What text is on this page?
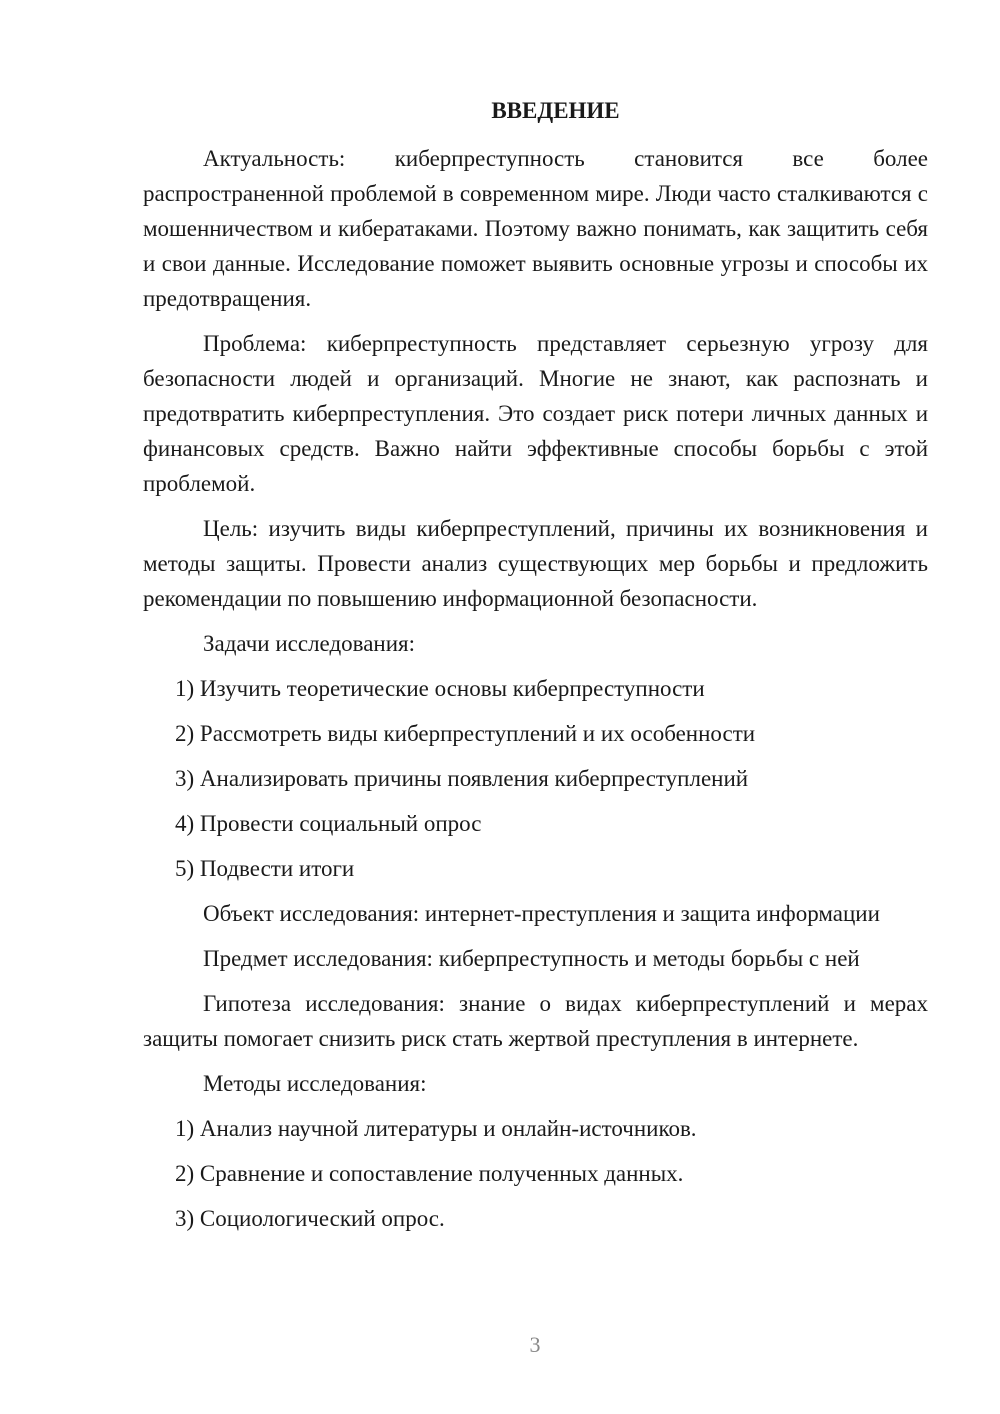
ВВЕДЕНИЕ

Актуальность: киберпреступность становится все более распространенной проблемой в современном мире. Люди часто сталкиваются с мошенничеством и кибератаками. Поэтому важно понимать, как защитить себя и свои данные. Исследование поможет выявить основные угрозы и способы их предотвращения.

Проблема: киберпреступность представляет серьезную угрозу для безопасности людей и организаций. Многие не знают, как распознать и предотвратить киберпреступления. Это создает риск потери личных данных и финансовых средств. Важно найти эффективные способы борьбы с этой проблемой.

Цель: изучить виды киберпреступлений, причины их возникновения и методы защиты. Провести анализ существующих мер борьбы и предложить рекомендации по повышению информационной безопасности.

Задачи исследования:

1) Изучить теоретические основы киберпреступности

2) Рассмотреть виды киберпреступлений и их особенности

3) Анализировать причины появления киберпреступлений

4) Провести социальный опрос

5) Подвести итоги

Объект исследования: интернет-преступления и защита информации

Предмет исследования: киберпреступность и методы борьбы с ней

Гипотеза исследования: знание о видах киберпреступлений и мерах защиты помогает снизить риск стать жертвой преступления в интернете.

Методы исследования:

1) Анализ научной литературы и онлайн-источников.

2) Сравнение и сопоставление полученных данных.

3) Социологический опрос.

3
